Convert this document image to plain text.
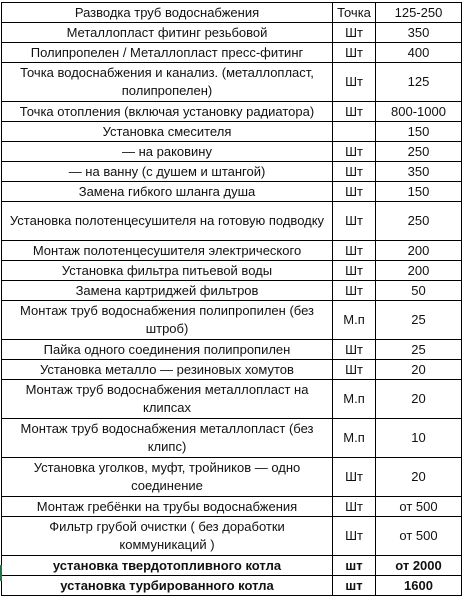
Разводка труб водоснабжения	Точка	125-250
Металлопласт фитинг резьбовой	Шт	350
Полипропелен / Металлопласт пресс-фитинг	Шт	400
Точка водоснабжения и канализ. (металлопласт, полипропелен)	Шт	125
Точка отопления (включая установку радиатора)	Шт	800-1000
Установка смесителя		150
— на раковину	Шт	250
— на ванну (с душем и штангой)	Шт	350
Замена гибкого шланга душа	Шт	150
Установка полотенцесушителя на готовую подводку	Шт	250
Монтаж полотенцесушителя электрического	Шт	200
Установка фильтра питьевой воды	Шт	200
Замена картриджей фильтров	Шт	50
Монтаж труб водоснабжения полипропилен (без штроб)	М.п	25
Пайка одного соединения полипропилен	Шт	25
Установка металло — резиновых хомутов	Шт	20
Монтаж труб водоснабжения металлопласт на клипсах	М.п	20
Монтаж труб водоснабжения металлопласт (без клипс)	М.п	10
Установка уголков, муфт, тройников — одно соединение	Шт	20
Монтаж гребёнки на трубы водоснабжения	Шт	от 500
Фильтр грубой очистки ( без доработки коммуникаций )	Шт	от 500
установка твердотопливного котла	шт	от 2000
установка турбированного котла	шт	1600
